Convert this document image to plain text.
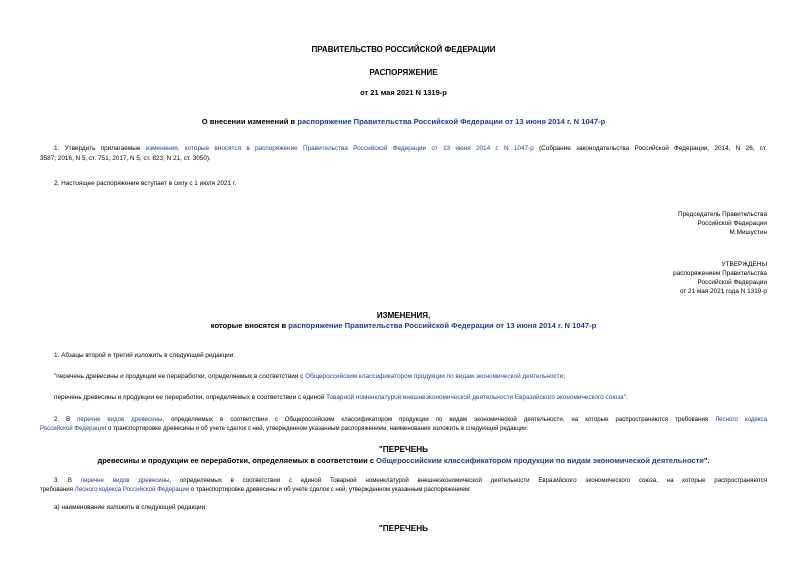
ПРАВИТЕЛЬСТВО РОССИЙСКОЙ ФЕДЕРАЦИИ
РАСПОРЯЖЕНИЕ
от 21 мая 2021 N 1319-р
О внесении изменений в распоряжение Правительства Российской Федерации от 13 июня 2014 г. N 1047-р
1. Утвердить прилагаемые изменения, которые вносятся в распоряжение Правительства Российской Федерации от 13 июня 2014 г. N 1047-р (Собрание законодательства Российской Федерации, 2014, N 26, ст.
3587; 2016, N 5, ст. 751; 2017, N 5, ст. 823; N 21, ст. 3050).
2. Настоящее распоряжение вступает в силу с 1 июля 2021 г.
Председатель Правительства
Российской Федерации
М.Мишустин
УТВЕРЖДЕНЫ
распоряжением Правительства
Российской Федерации
от 21 мая 2021 года N 1319-р
ИЗМЕНЕНИЯ,
которые вносятся в распоряжение Правительства Российской Федерации от 13 июня 2014 г. N 1047-р
1. Абзацы второй и третий изложить в следующей редакции:
"перечень древесины и продукции ее переработки, определяемых в соответствии с Общероссийским классификатором продукции по видам экономической деятельности;
перечень древесины и продукции ее переработки, определяемых в соответствии с единой Товарной номенклатурой внешнеэкономической деятельности Евразийского экономического союза".
2. В перечне видов древесины, определяемых в соответствии с Общероссийским классификатором продукции по видам экономической деятельности, на которые распространяются требования Лесного кодекса
Российской Федерации о транспортировке древесины и об учете сделок с ней, утвержденном указанным распоряжением, наименование изложить в следующей редакции:
"ПЕРЕЧЕНЬ
древесины и продукции ее переработки, определяемых в соответствии с Общероссийским классификатором продукции по видам экономической деятельности".
3. В перечне видов древесины, определяемых в соответствии с единой Товарной номенклатурой внешнеэкономической деятельности Евразийского экономического союза, на которые распространяются
требования Лесного кодекса Российской Федерации о транспортировке древесины и об учете сделок с ней, утвержденном указанным распоряжением:
а) наименование изложить в следующей редакции:
"ПЕРЕЧЕНЬ
